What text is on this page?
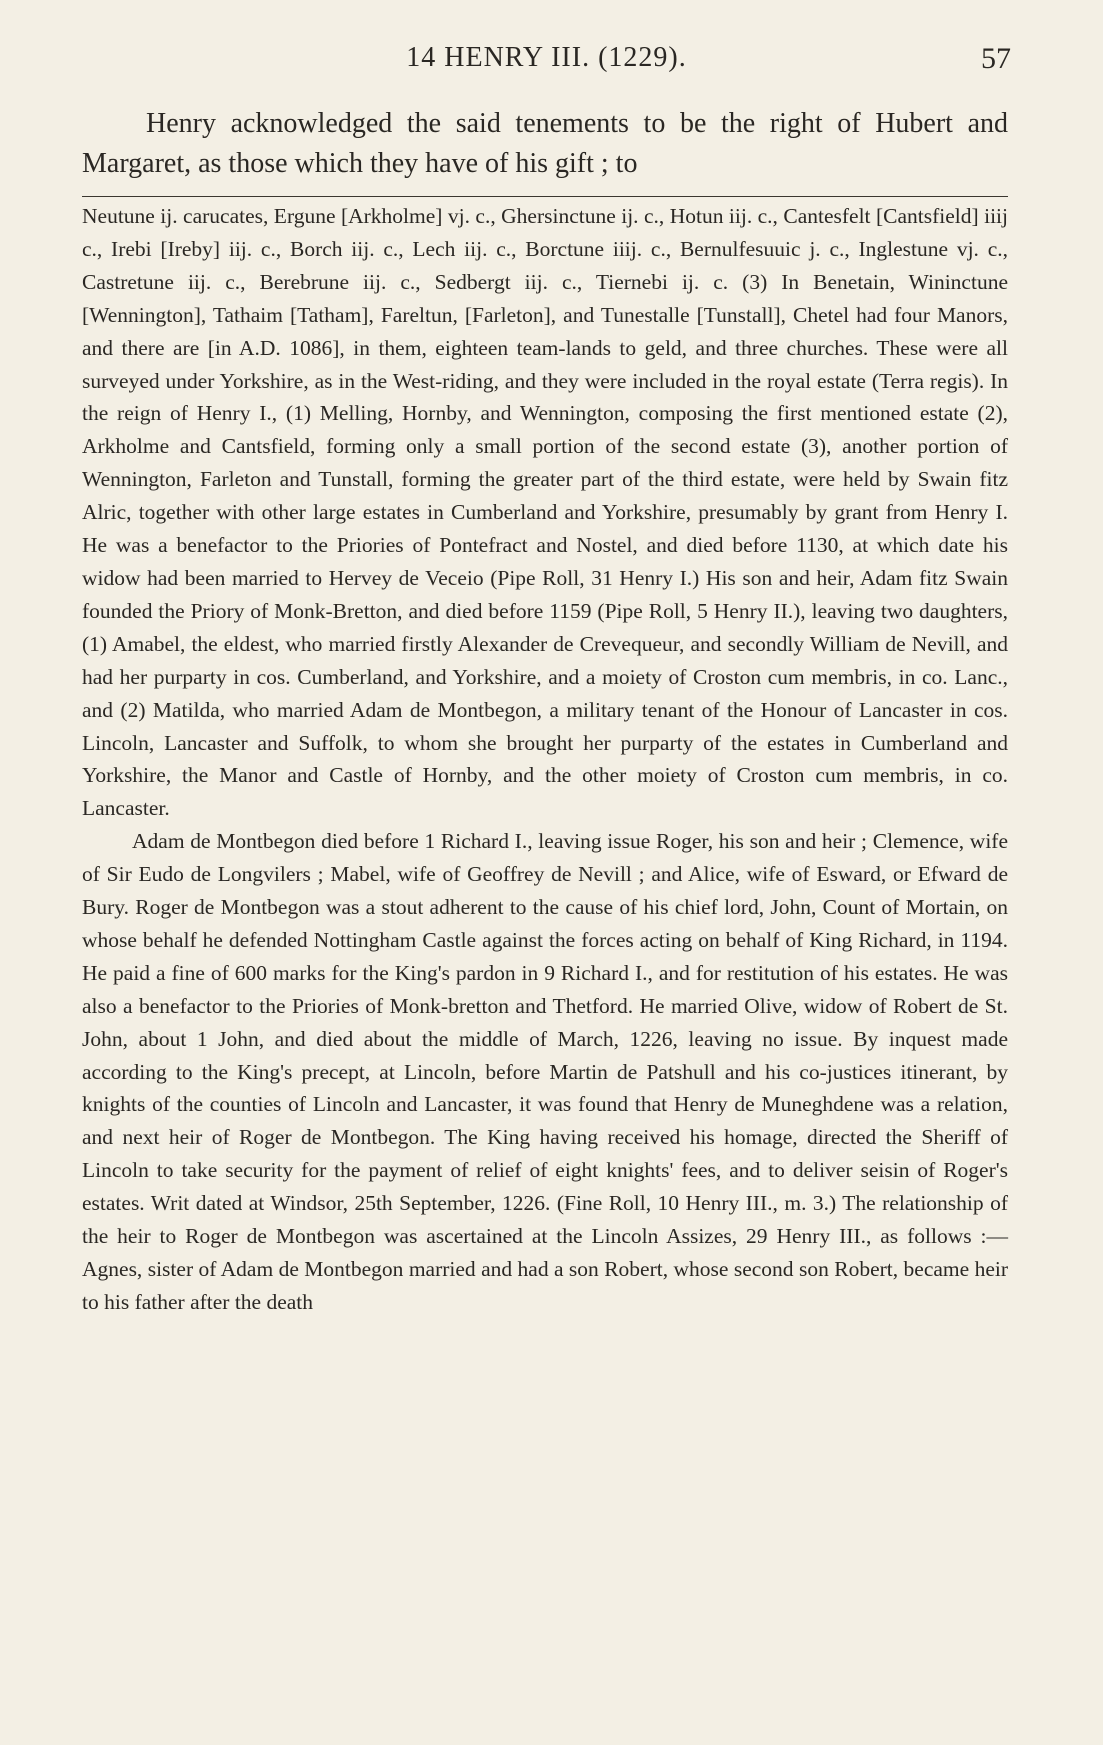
14 HENRY III. (1229).	57

Henry acknowledged the said tenements to be the right of Hubert and Margaret, as those which they have of his gift ; to

Neutune ij. carucates, Ergune [Arkholme] vj. c., Ghersinctune ij. c., Hotun iij. c., Cantesfelt [Cantsfield] iiij c., Irebi [Ireby] iij. c., Borch iij. c., Lech iij. c., Borctune iiij. c., Bernulfesuuic j. c., Inglestune vj. c., Castretune iij. c., Berebrune iij. c., Sedbergt iij. c., Tiernebi ij. c. (3) In Benetain, Wininctune [Wennington], Tathaim [Tatham], Fareltun, [Farleton], and Tunestalle [Tunstall], Chetel had four Manors, and there are [in A.D. 1086], in them, eighteen team-lands to geld, and three churches. These were all surveyed under Yorkshire, as in the West-riding, and they were included in the royal estate (Terra regis). In the reign of Henry I., (1) Melling, Hornby, and Wennington, composing the first mentioned estate (2), Arkholme and Cantsfield, forming only a small portion of the second estate (3), another portion of Wennington, Farleton and Tunstall, forming the greater part of the third estate, were held by Swain fitz Alric, together with other large estates in Cumberland and Yorkshire, presumably by grant from Henry I. He was a benefactor to the Priories of Pontefract and Nostel, and died before 1130, at which date his widow had been married to Hervey de Veceio (Pipe Roll, 31 Henry I.) His son and heir, Adam fitz Swain founded the Priory of Monk-Bretton, and died before 1159 (Pipe Roll, 5 Henry II.), leaving two daughters, (1) Amabel, the eldest, who married firstly Alexander de Crevequeur, and secondly William de Nevill, and had her purparty in cos. Cumberland, and Yorkshire, and a moiety of Croston cum membris, in co. Lanc., and (2) Matilda, who married Adam de Montbegon, a military tenant of the Honour of Lancaster in cos. Lincoln, Lancaster and Suffolk, to whom she brought her purparty of the estates in Cumberland and Yorkshire, the Manor and Castle of Hornby, and the other moiety of Croston cum membris, in co. Lancaster.

Adam de Montbegon died before 1 Richard I., leaving issue Roger, his son and heir ; Clemence, wife of Sir Eudo de Longvilers ; Mabel, wife of Geoffrey de Nevill ; and Alice, wife of Esward, or Efward de Bury. Roger de Montbegon was a stout adherent to the cause of his chief lord, John, Count of Mortain, on whose behalf he defended Nottingham Castle against the forces acting on behalf of King Richard, in 1194. He paid a fine of 600 marks for the King's pardon in 9 Richard I., and for restitution of his estates. He was also a benefactor to the Priories of Monk-bretton and Thetford. He married Olive, widow of Robert de St. John, about 1 John, and died about the middle of March, 1226, leaving no issue. By inquest made according to the King's precept, at Lincoln, before Martin de Patshull and his co-justices itinerant, by knights of the counties of Lincoln and Lancaster, it was found that Henry de Muneghdene was a relation, and next heir of Roger de Montbegon. The King having received his homage, directed the Sheriff of Lincoln to take security for the payment of relief of eight knights' fees, and to deliver seisin of Roger's estates. Writ dated at Windsor, 25th September, 1226. (Fine Roll, 10 Henry III., m. 3.) The relationship of the heir to Roger de Montbegon was ascertained at the Lincoln Assizes, 29 Henry III., as follows :—Agnes, sister of Adam de Montbegon married and had a son Robert, whose second son Robert, became heir to his father after the death
